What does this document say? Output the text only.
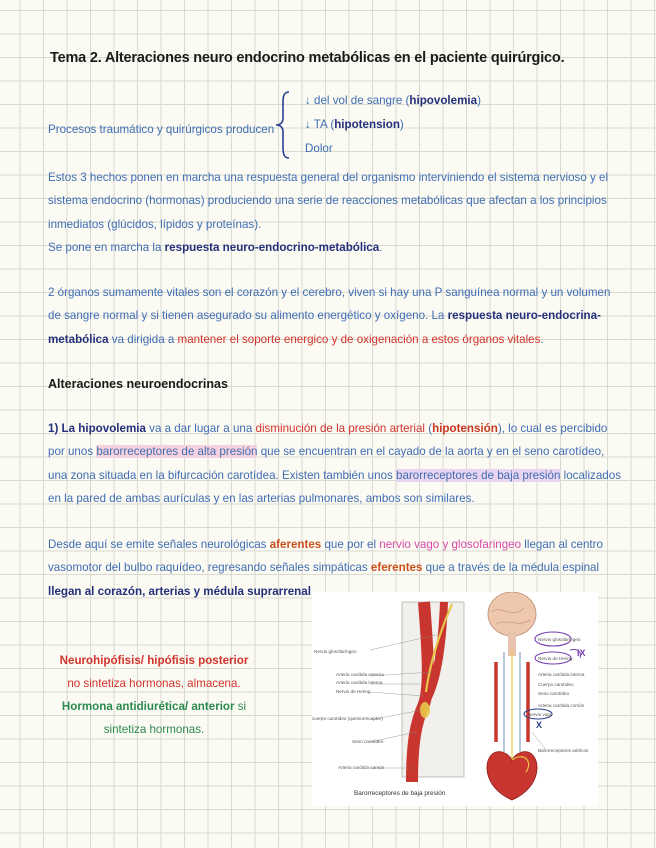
Tema 2. Alteraciones neuro endocrino metabólicas en el paciente quirúrgico.
Procesos traumático y quirúrgicos producen
↓ del vol de sangre (hipovolemia)
↓ TA (hipotension)
Dolor
Estos 3 hechos ponen en marcha una respuesta general del organismo interviniendo el sistema nervioso y el
sistema endocrino (hormonas) produciendo una serie de reacciones metabólicas que afectan a los principios
inmediatos (glúcidos, lípidos y proteínas).
Se pone en marcha la respuesta neuro-endocrino-metabólica.
2 órganos sumamente vitales son el corazón y el cerebro, viven si hay una P sanguínea normal y un volumen
de sangre normal y si tienen asegurado su alimento energético y oxígeno. La respuesta neuro-endocrina-
metabólica va dirigida a mantener el soporte energico y de oxigenación a estos órganos vitales.
Alteraciones neuroendocrinas
1) La hipovolemia va a dar lugar a una disminución de la presión arterial (hipotensión), lo cual es percibido
por unos barorreceptores de alta presión que se encuentran en el cayado de la aorta y en el seno carotídeo,
una zona situada en la bifurcación carotídea. Existen también unos barorreceptores de baja presión localizados
en la pared de ambas aurículas y en las arterias pulmonares, ambos son similares.
Desde aquí se emite señales neurológicas aferentes que por el nervio vago y glosofaringeo llegan al centro
vasomotor del bulbo raquídeo, regresando señales simpáticas eferentes que a través de la médula espinal
llegan al corazón, arterias y médula suprarrenal
Neurohipófisis/ hipófisis posterior
no sintetiza hormonas, almacena.
Hormona antidiurética/ anterior si
sintetiza hormonas.
Nervio glosofaríngeo
Arteria carótida externa
Arteria carótida interna
Nervio de Hering
cuerpo carotídeo (quimiorreceptor)
Seno carotídeo
Arteria carótida común
Nervio glosofaríngeo
Nervio de Hering
Arteria carótida interna
Cuerpo carotídeo
Seno carotídeo
Arteria carótida común
Nervio vago
Barorreceptores aórticos
Barorreceptores de baja presión
IX
X
